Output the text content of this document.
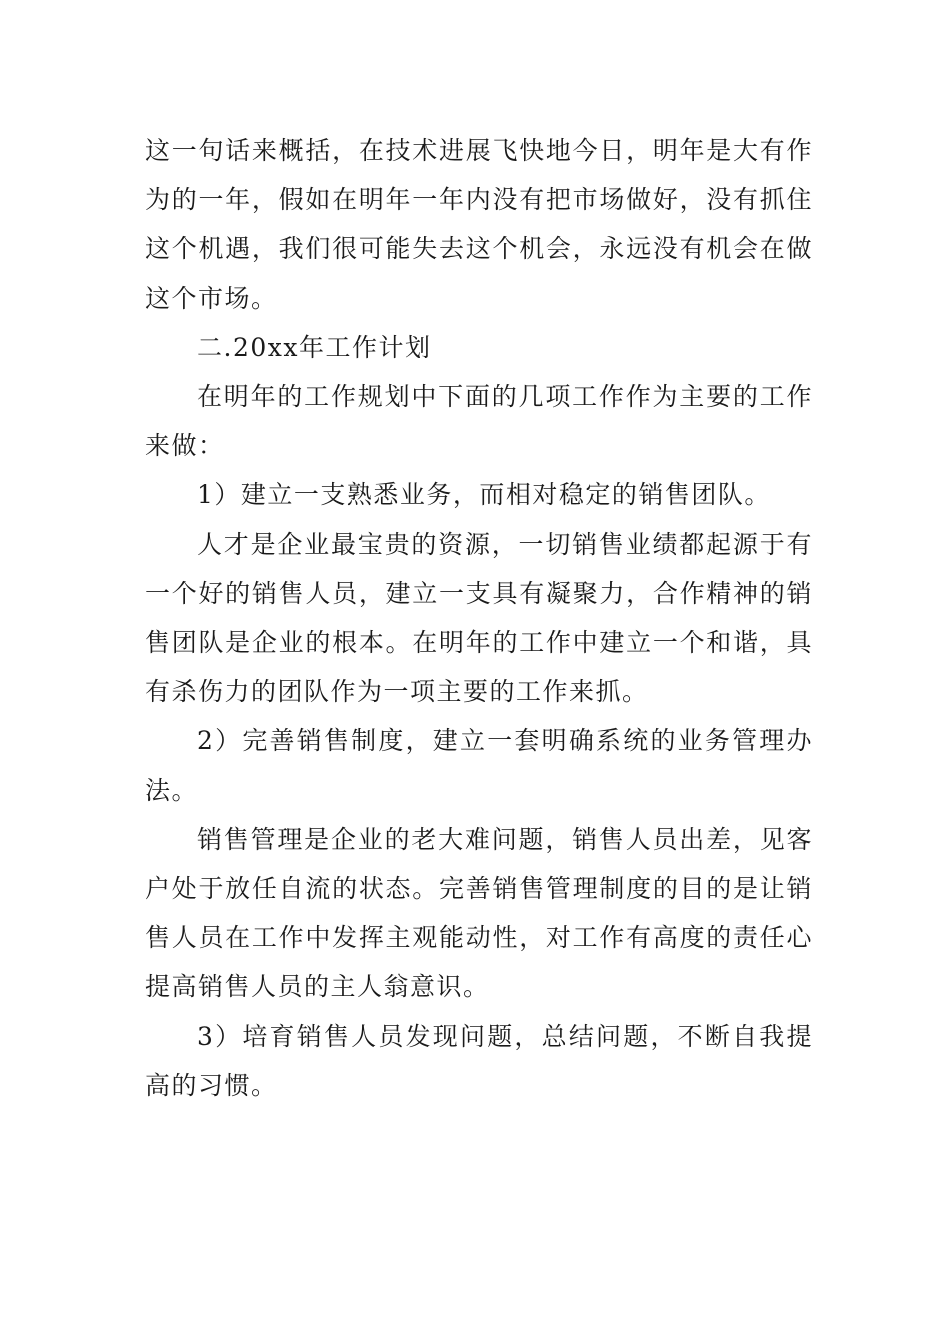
这一句话来概括，在技术进展飞快地今日，明年是大有作为的一年，假如在明年一年内没有把市场做好，没有抓住这个机遇，我们很可能失去这个机会，永远没有机会在做这个市场。

二.20xx年工作计划

在明年的工作规划中下面的几项工作作为主要的工作来做：

1）建立一支熟悉业务，而相对稳定的销售团队。

人才是企业最宝贵的资源，一切销售业绩都起源于有一个好的销售人员，建立一支具有凝聚力，合作精神的销售团队是企业的根本。在明年的工作中建立一个和谐，具有杀伤力的团队作为一项主要的工作来抓。

2）完善销售制度，建立一套明确系统的业务管理办法。

销售管理是企业的老大难问题，销售人员出差，见客户处于放任自流的状态。完善销售管理制度的目的是让销售人员在工作中发挥主观能动性，对工作有高度的责任心提高销售人员的主人翁意识。

3）培育销售人员发现问题，总结问题，不断自我提高的习惯。
